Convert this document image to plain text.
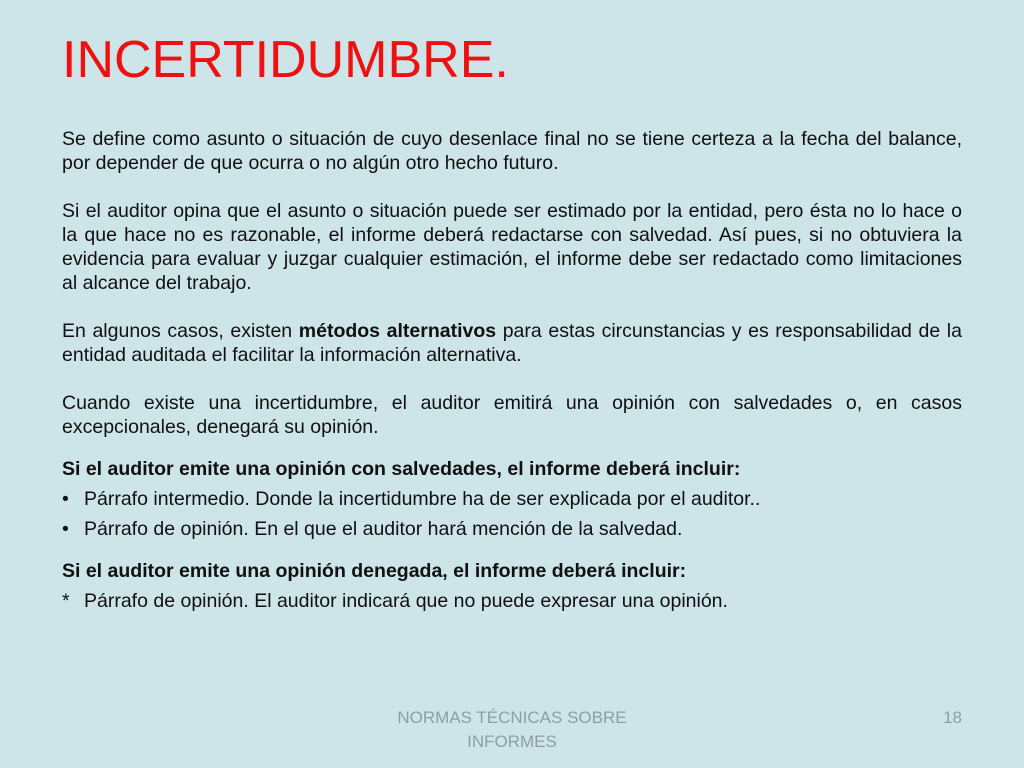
INCERTIDUMBRE.

Se define como asunto o situación de cuyo desenlace final no se tiene certeza a la fecha del balance, por depender de que ocurra o no algún otro hecho futuro.

Si el auditor opina que el asunto o situación puede ser estimado por la entidad, pero ésta no lo hace o la que hace no es razonable, el informe deberá redactarse con salvedad. Así pues, si no obtuviera la evidencia para evaluar y juzgar cualquier estimación, el informe debe ser redactado como limitaciones al alcance del trabajo.

En algunos casos, existen métodos alternativos para estas circunstancias y es responsabilidad de la entidad auditada el facilitar la información alternativa.

Cuando existe una incertidumbre, el auditor emitirá una opinión con salvedades o, en casos excepcionales, denegará su opinión.

Si el auditor emite una opinión con salvedades, el informe deberá incluir:
• Párrafo intermedio. Donde la incertidumbre ha de ser explicada por el auditor..
• Párrafo de opinión. En el que el auditor hará mención de la salvedad.
Si el auditor emite una opinión denegada, el informe deberá incluir:
* Párrafo de opinión. El auditor indicará que no puede expresar una opinión.
NORMAS TÉCNICAS SOBRE
INFORMES
18
